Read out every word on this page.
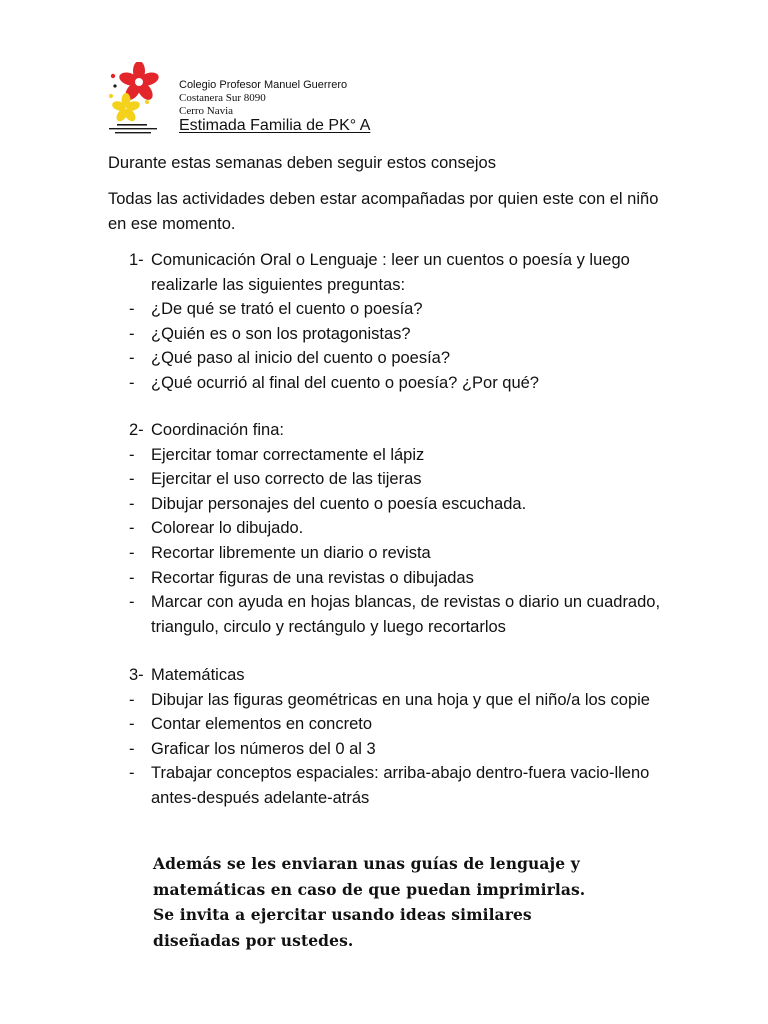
Colegio Profesor Manuel Guerrero
Costanera Sur 8090
Cerro Navia
Estimada Familia de PK° A
Durante estas semanas deben seguir estos consejos
Todas las actividades deben estar acompañadas por quien este con el niño en ese momento.
1- Comunicación Oral o Lenguaje : leer un cuentos o poesía y luego realizarle las siguientes preguntas:
-	¿De qué se trató el cuento o poesía?
-	¿Quién es o son los protagonistas?
-	¿Qué paso al inicio del cuento o poesía?
-	¿Qué ocurrió al final del cuento o poesía? ¿Por qué?
2- Coordinación fina:
-	Ejercitar tomar correctamente el lápiz
-	Ejercitar el uso correcto de las tijeras
-	Dibujar personajes del cuento o poesía escuchada.
-	Colorear lo dibujado.
-	Recortar libremente un diario o revista
-	Recortar figuras de una revistas o dibujadas
-	Marcar con ayuda en hojas blancas, de revistas o diario un cuadrado, triangulo, circulo y rectángulo y luego recortarlos
3- Matemáticas
-	Dibujar las figuras geométricas en una hoja y que el niño/a los copie
-	Contar elementos en concreto
-	Graficar los números del 0 al 3
-	Trabajar conceptos espaciales: arriba-abajo dentro-fuera vacio-lleno antes-después adelante-atrás
Además se les enviaran unas guías de lenguaje y
matemáticas en caso de que puedan imprimirlas.
Se invita a ejercitar usando ideas similares
diseñadas por ustedes.
